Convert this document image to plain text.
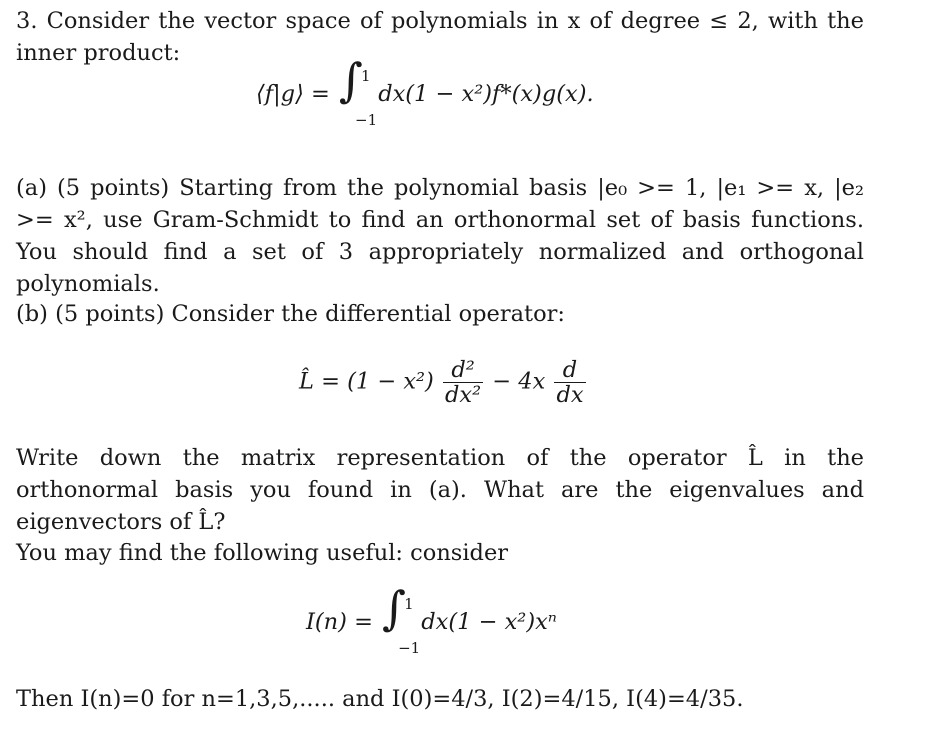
3. Consider the vector space of polynomials in x of degree ≤ 2, with the inner product:

⟨f|g⟩ = ∫
1
−1
dx(1 − x²)f*(x)g(x).

(a) (5 points) Starting from the polynomial basis |e₀ >= 1, |e₁ >= x, |e₂ >= x², use Gram-Schmidt to find an orthonormal set of basis functions. You should find a set of 3 appropriately normalized and orthogonal polynomials.

(b) (5 points) Consider the differential operator:

L̂ = $(1 - x^2) \frac{\text{d²}}{\text{dx²}} - 4x \frac{d}{dx}$

Write down the matrix representation of the operator L̂ in the orthonormal basis you found in (a). What are the eigenvalues and eigenvectors of L̂?

You may find the following useful: consider

I(n) = ∫
1
−1
dx(1 − x²)xⁿ

Then I(n)=0 for n=1,3,5,..... and I(0)=4/3, I(2)=4/15, I(4)=4/35.
